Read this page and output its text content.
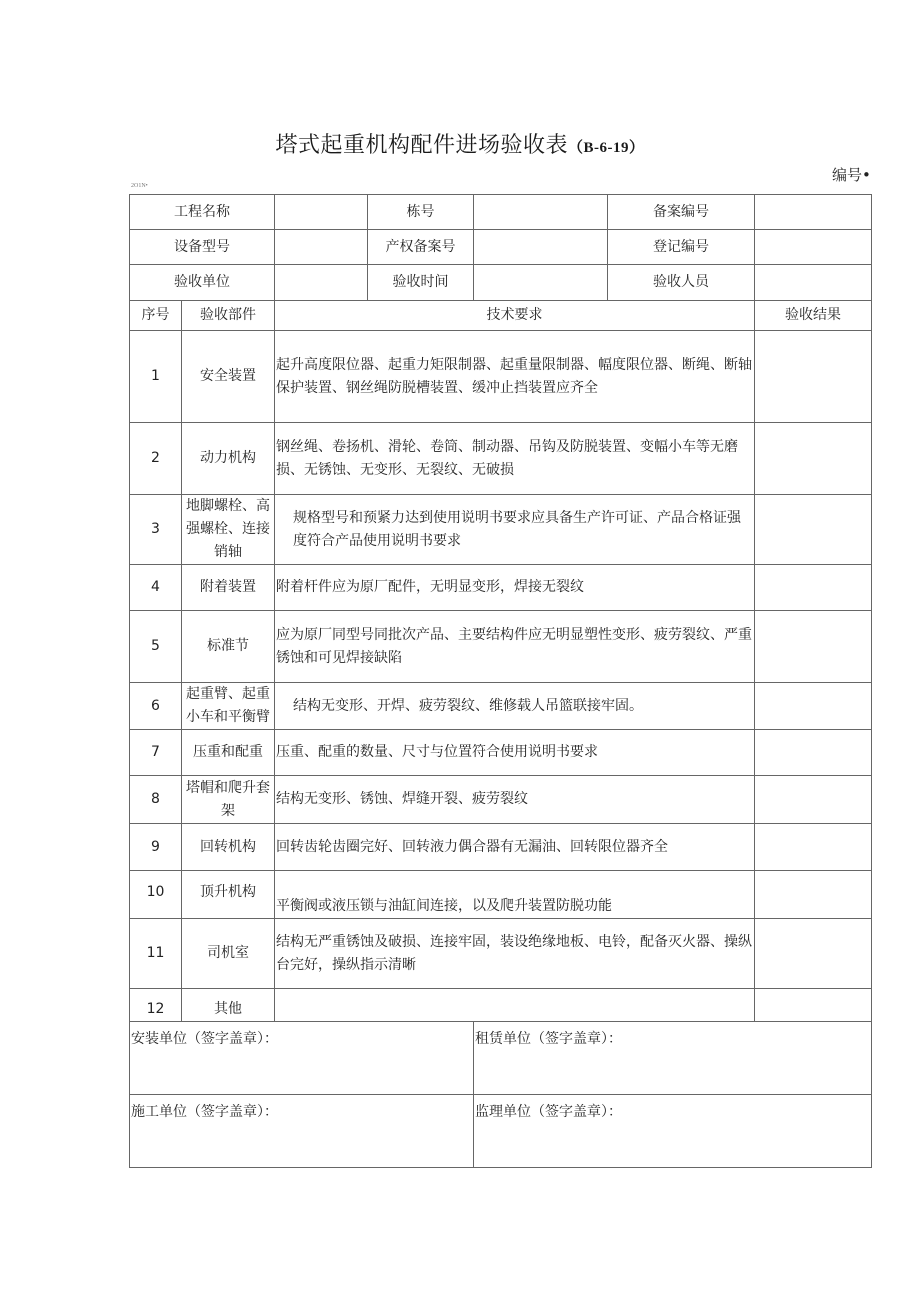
塔式起重机构配件进场验收表（B-6-19）
编号•
2O1N•
工程名称			栋号		备案编号	
设备型号			产权备案号		登记编号	
验收单位			验收时间		验收人员	
序号	验收部件	技术要求				验收结果
1	安全装置	起升高度限位器、起重力矩限制器、起重量限制器、幅度限位器、断绳、断轴保护装置、钢丝绳防脱槽装置、缓冲止挡装置应齐全				
2	动力机构	钢丝绳、卷扬机、滑轮、卷筒、制动器、吊钩及防脱装置、变幅小车等无磨损、无锈蚀、无变形、无裂纹、无破损				
3	地脚螺栓、高强螺栓、连接销轴	规格型号和预紧力达到使用说明书要求应具备生产许可证、产品合格证强度符合产品使用说明书要求				
4	附着装置	附着杆件应为原厂配件，无明显变形，焊接无裂纹				
5	标准节	应为原厂同型号同批次产品、主要结构件应无明显塑性变形、疲劳裂纹、严重锈蚀和可见焊接缺陷				
6	起重臂、起重小车和平衡臂	结构无变形、开焊、疲劳裂纹、维修载人吊篮联接牢固。				
7	压重和配重	压重、配重的数量、尺寸与位置符合使用说明书要求				
8	塔帽和爬升套架	结构无变形、锈蚀、焊缝开裂、疲劳裂纹				
9	回转机构	回转齿轮齿圈完好、回转液力偶合器有无漏油、回转限位器齐全				
10	顶升机构	平衡阀或液压锁与油缸间连接，以及爬升装置防脱功能				
11	司机室	结构无严重锈蚀及破损、连接牢固，装设绝缘地板、电铃，配备灭火器、操纵台完好，操纵指示清晰				
12	其他					
安装单位（签字盖章）：				租赁单位（签字盖章）：		
施工单位（签字盖章）：				监理单位（签字盖章）：		
